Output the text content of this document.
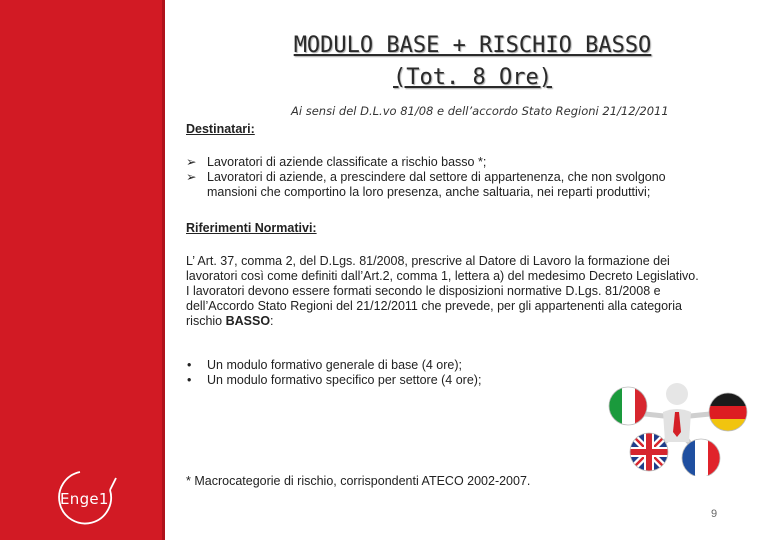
Enge1
MODULO BASE + RISCHIO BASSO
(Tot. 8 Ore)
Ai sensi del D.L.vo 81/08 e dell’accordo Stato Regioni 21/12/2011
Destinatari:
➢ Lavoratori di aziende classificate a rischio basso *;
➢ Lavoratori di aziende, a prescindere dal settore di appartenenza, che non svolgono
mansioni che comportino la loro presenza, anche saltuaria, nei reparti produttivi;
Riferimenti Normativi:
L’ Art. 37, comma 2, del D.Lgs. 81/2008, prescrive al Datore di Lavoro la formazione dei
lavoratori così come definiti dall’Art.2, comma 1, lettera a) del medesimo Decreto Legislativo.
I lavoratori devono essere formati secondo le disposizioni normative D.Lgs. 81/2008 e
dell’Accordo Stato Regioni del 21/12/2011 che prevede, per gli appartenenti alla categoria
rischio BASSO:
• Un modulo formativo generale di base (4 ore);
• Un modulo formativo specifico per settore (4 ore);
* Macrocategorie di rischio, corrispondenti ATECO 2002-2007.
9
